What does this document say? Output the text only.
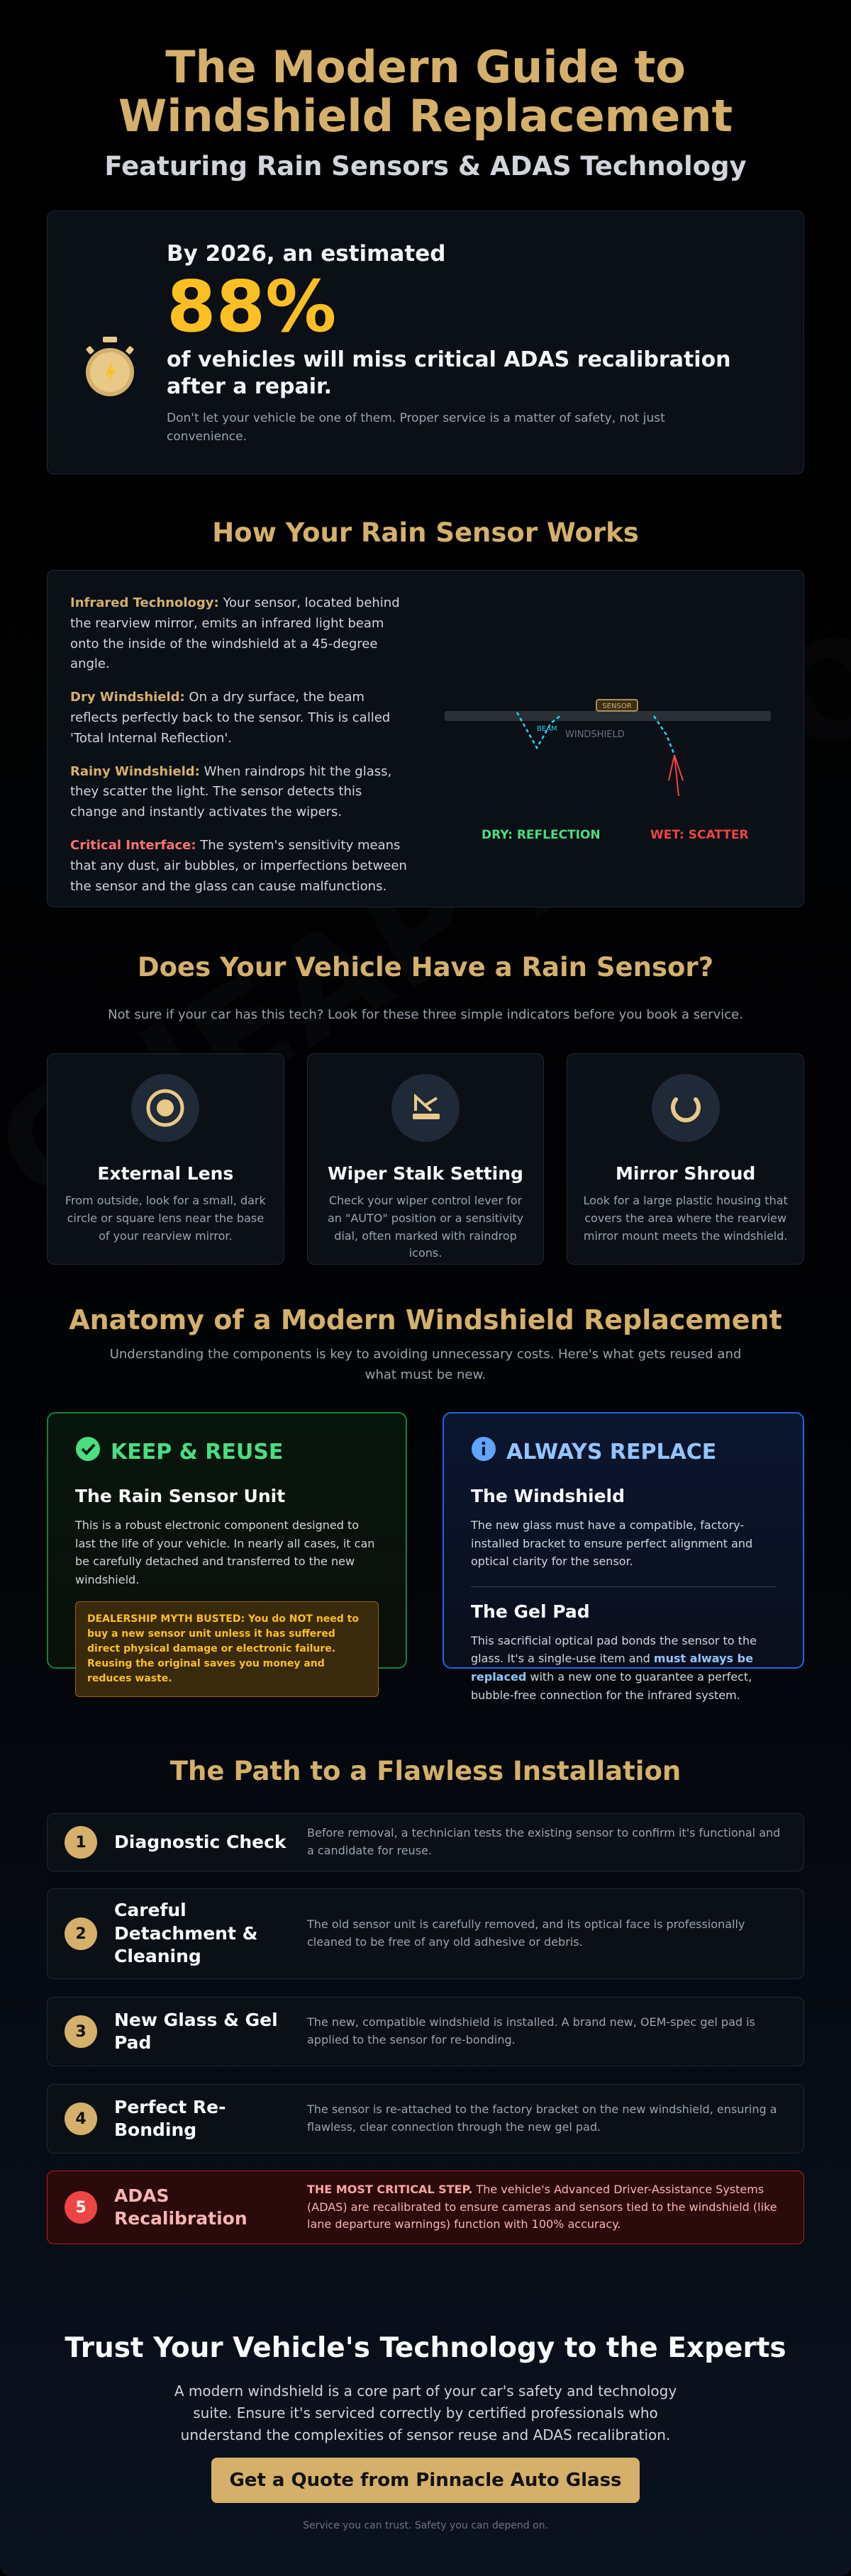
The Modern Guide to Windshield Replacement
Featuring Rain Sensors & ADAS Technology
By 2026, an estimated
88%
of vehicles will miss critical ADAS recalibration after a repair.
Don't let your vehicle be one of them. Proper service is a matter of safety, not just convenience.
How Your Rain Sensor Works

Infrared Technology: Your sensor, located behind the rearview mirror, emits an infrared light beam onto the inside of the windshield at a 45-degree angle.

Dry Windshield: On a dry surface, the beam reflects perfectly back to the sensor. This is called 'Total Internal Reflection'.

Rainy Windshield: When raindrops hit the glass, they scatter the light. The sensor detects this change and instantly activates the wipers.

Critical Interface: The system's sensitivity means that any dust, air bubbles, or imperfections between the sensor and the glass can cause malfunctions.

SENSOR
BEAM
WINDSHIELD
DRY: REFLECTION	WET: SCATTER
Does Your Vehicle Have a Rain Sensor?
Not sure if your car has this tech? Look for these three simple indicators before you book a service.
External Lens

From outside, look for a small, dark circle or square lens near the base of your rearview mirror.

Wiper Stalk Setting

Check your wiper control lever for an "AUTO" position or a sensitivity dial, often marked with raindrop icons.

Mirror Shroud

Look for a large plastic housing that covers the area where the rearview mirror mount meets the windshield.

Anatomy of a Modern Windshield Replacement
Understanding the components is key to avoiding unnecessary costs. Here's what gets reused and what must be new.
KEEP & REUSE
The Rain Sensor Unit

This is a robust electronic component designed to last the life of your vehicle. In nearly all cases, it can be carefully detached and transferred to the new windshield.

DEALERSHIP MYTH BUSTED: You do NOT need to buy a new sensor unit unless it has suffered direct physical damage or electronic failure. Reusing the original saves you money and reduces waste.
ALWAYS REPLACE
The Windshield

The new glass must have a compatible, factory-installed bracket to ensure perfect alignment and optical clarity for the sensor.

The Gel Pad

This sacrificial optical pad bonds the sensor to the glass. It's a single-use item and must always be replaced with a new one to guarantee a perfect, bubble-free connection for the infrared system.

The Path to a Flawless Installation
1	Diagnostic Check	Before removal, a technician tests the existing sensor to confirm it's functional and a candidate for reuse.
2
Careful Detachment & Cleaning
The old sensor unit is carefully removed, and its optical face is professionally cleaned to be free of any old adhesive or debris.
3
New Glass & Gel Pad
The new, compatible windshield is installed. A brand new, OEM-spec gel pad is applied to the sensor for re-bonding.
4
Perfect Re-Bonding
The sensor is re-attached to the factory bracket on the new windshield, ensuring a flawless, clear connection through the new gel pad.
5
ADAS Recalibration
THE MOST CRITICAL STEP. The vehicle's Advanced Driver-Assistance Systems (ADAS) are recalibrated to ensure cameras and sensors tied to the windshield (like lane departure warnings) function with 100% accuracy.
Trust Your Vehicle's Technology to the Experts
A modern windshield is a core part of your car's safety and technology suite. Ensure it's serviced correctly by certified professionals who understand the complexities of sensor reuse and ADAS recalibration.
Get a Quote from Pinnacle Auto Glass
Service you can trust. Safety you can depend on.
